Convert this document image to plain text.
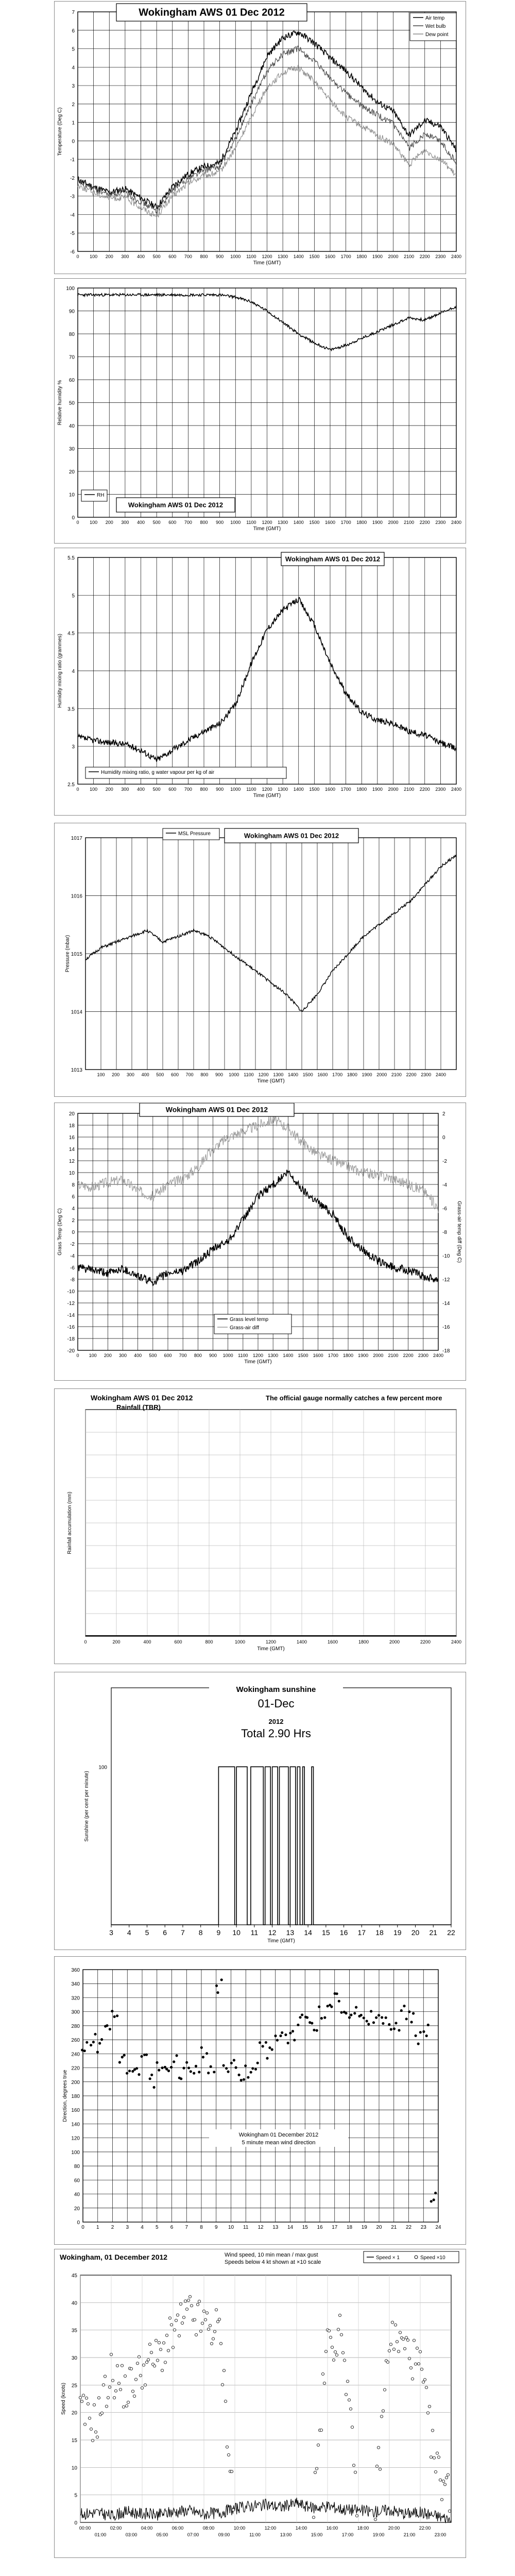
-6
-5
-4
-3
-2
-1
0
1
2
3
4
5
6
7
0 100 200 300 400 500 600 700 800 900 1000 1100 1200 1300 1400 1500 1600 1700 1800 1900 2000 2100 2200 2300 2400
Time (GMT)
Temperature (Deg C)
Wokingham AWS 01 Dec 2012	Air temp
Wet bulb
Dew point
0
10
20
30
40
50
60
70
80
90
100
0 100 200 300 400 500 600 700 800 900 1000 1100 1200 1300 1400 1500 1600 1700 1800 1900 2000 2100 2200 2300 2400
Time (GMT)
Relative humidity %
RH
Wokingham AWS 01 Dec 2012
2.5
3
3.5
4
4.5
5
5.5
0 100 200 300 400 500 600 700 800 900 1000 1100 1200 1300 1400 1500 1600 1700 1800 1900 2000 2100 2200 2300 2400
Time (GMT)
Humidity mixing ratio (grammes)
Wokingham AWS 01 Dec 2012
Humidity mixing ratio, g water vapour per kg of air
1013
1014
1015
1016
1017
100 200 300 400 500 600 700 800 900 1000 1100 1200 1300 1400 1500 1600 1700 1800 1900 2000 2100 2200 2300 2400
Time (GMT)
Pressure (mbar)
MSL Pressure	Wokingham AWS 01 Dec 2012
-20
-18
-16
-14
-12
-10
-8
-6
-4
-2
0
2
4
6
8
10
12
14
16
18
20
0 100 200 300 400 500 600 700 800 900 1000 1100 1200 1300 1400 1500 1600 1700 1800 1900 2000 2100 2200 2300 2400
Time (GMT)
Grass Temp (Deg C)
-18
-16
-14
-12
-10
-8
-6
-4
-2
0
2
Grass-air temp diff (Deg C)
Wokingham AWS 01 Dec 2012
Grass level temp
Grass-air diff
0	200	400	600	800	1000	1200	1400	1600	1800	2000	2200	2400
Time (GMT)
Rainfall accumulation (mm)
Wokingham AWS 01 Dec 2012
Rainfall (TBR)
The official gauge normally catches a few percent more
3 4 5 6 7 8 9 10 11 12 13 14 15 16 17 18 19 20 21 22
Time (GMT)
Sunshine (per cent per minute)
100
Wokingham sunshine
01-Dec
2012
Total 2.90 Hrs
0
20
40
60
80
100
120
140
160
180
200
220
240
260
280
300
320
340
360
0 1 2 3 4 5 6 7 8 9 10 11 12 13 14 15 16 17 18 19 20 21 22 23 24
Direction, degrees true
Wokingham 01 December 2012
5 minute mean wind direction
0
5
10
15
20
25
30
35
40
45
Speed (knots)
00:00	02:00	04:00	06:00	08:00	10:00	12:00	14:00	16:00	18:00	20:00	22:00
01:00	03:00	05:00	07:00	09:00	11:00	13:00	15:00	17:00	19:00	21:00	23:00
Wokingham, 01 December 2012	Wind speed, 10 min mean / max gust
Speeds below 4 kt shown at ×10 scale
Speed × 1	Speed ×10
